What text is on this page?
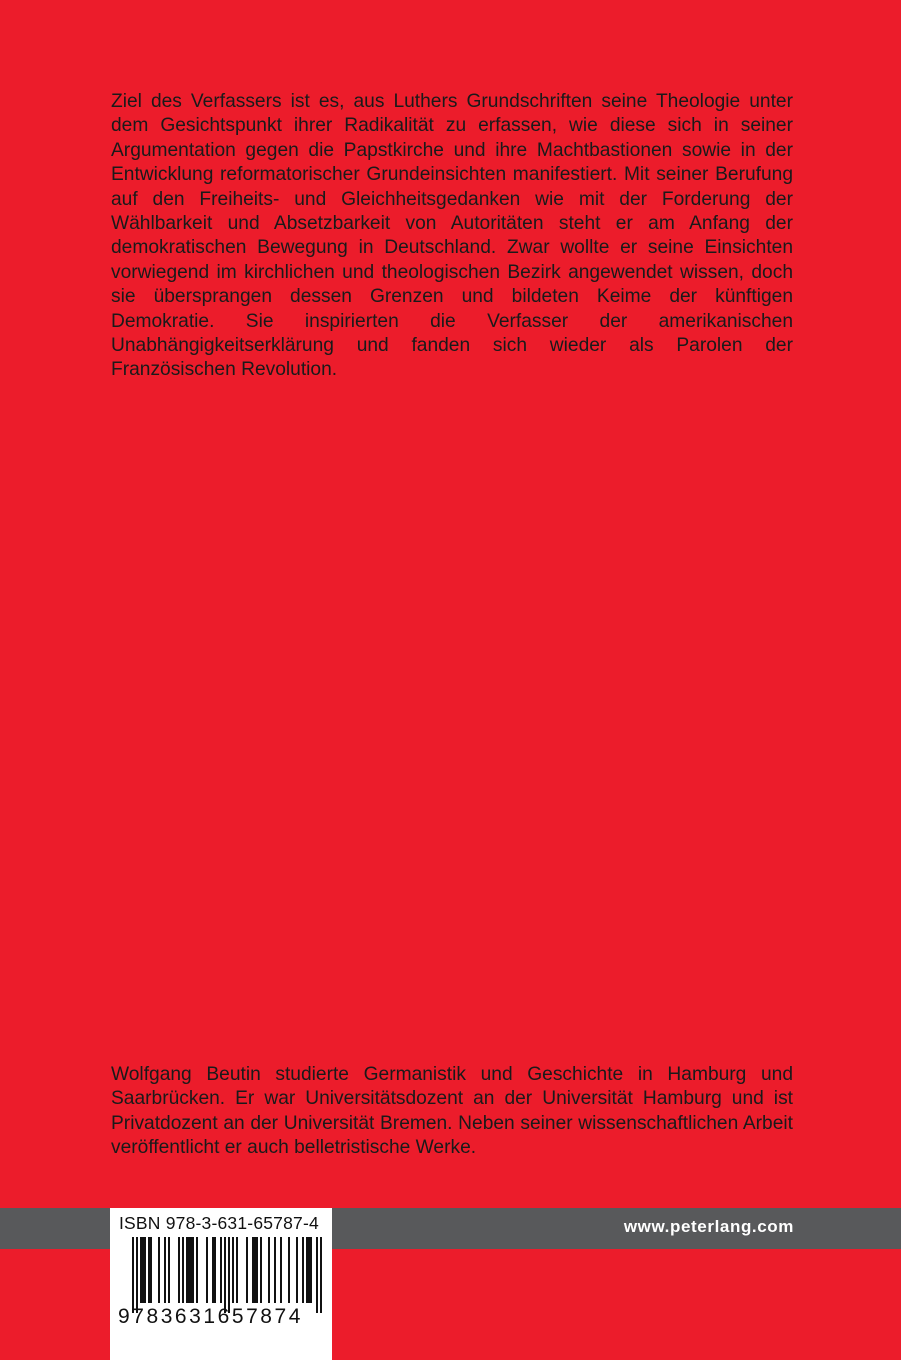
Ziel des Verfassers ist es, aus Luthers Grundschriften seine Theologie unter dem Gesichtspunkt ihrer Radikalität zu erfassen, wie diese sich in seiner Argumentation gegen die Papstkirche und ihre Machtbastionen sowie in der Entwicklung reformatorischer Grundeinsichten manifestiert. Mit seiner Berufung auf den Freiheits- und Gleichheitsgedanken wie mit der Forderung der Wählbarkeit und Absetzbarkeit von Autoritäten steht er am Anfang der demokratischen Bewegung in Deutschland. Zwar wollte er seine Einsichten vorwiegend im kirchlichen und theologischen Bezirk angewendet wissen, doch sie übersprangen dessen Grenzen und bildeten Keime der künftigen Demokratie. Sie inspirierten die Verfasser der amerikanischen Unabhängigkeitserklärung und fanden sich wieder als Parolen der Französischen Revolution.

Wolfgang Beutin studierte Germanistik und Geschichte in Hamburg und Saarbrücken. Er war Universitätsdozent an der Universität Hamburg und ist Privatdozent an der Universität Bremen. Neben seiner wissenschaftlichen Arbeit veröffentlicht er auch belletristische Werke.

www.peterlang.com
ISBN 978-3-631-65787-4
9783631657874
